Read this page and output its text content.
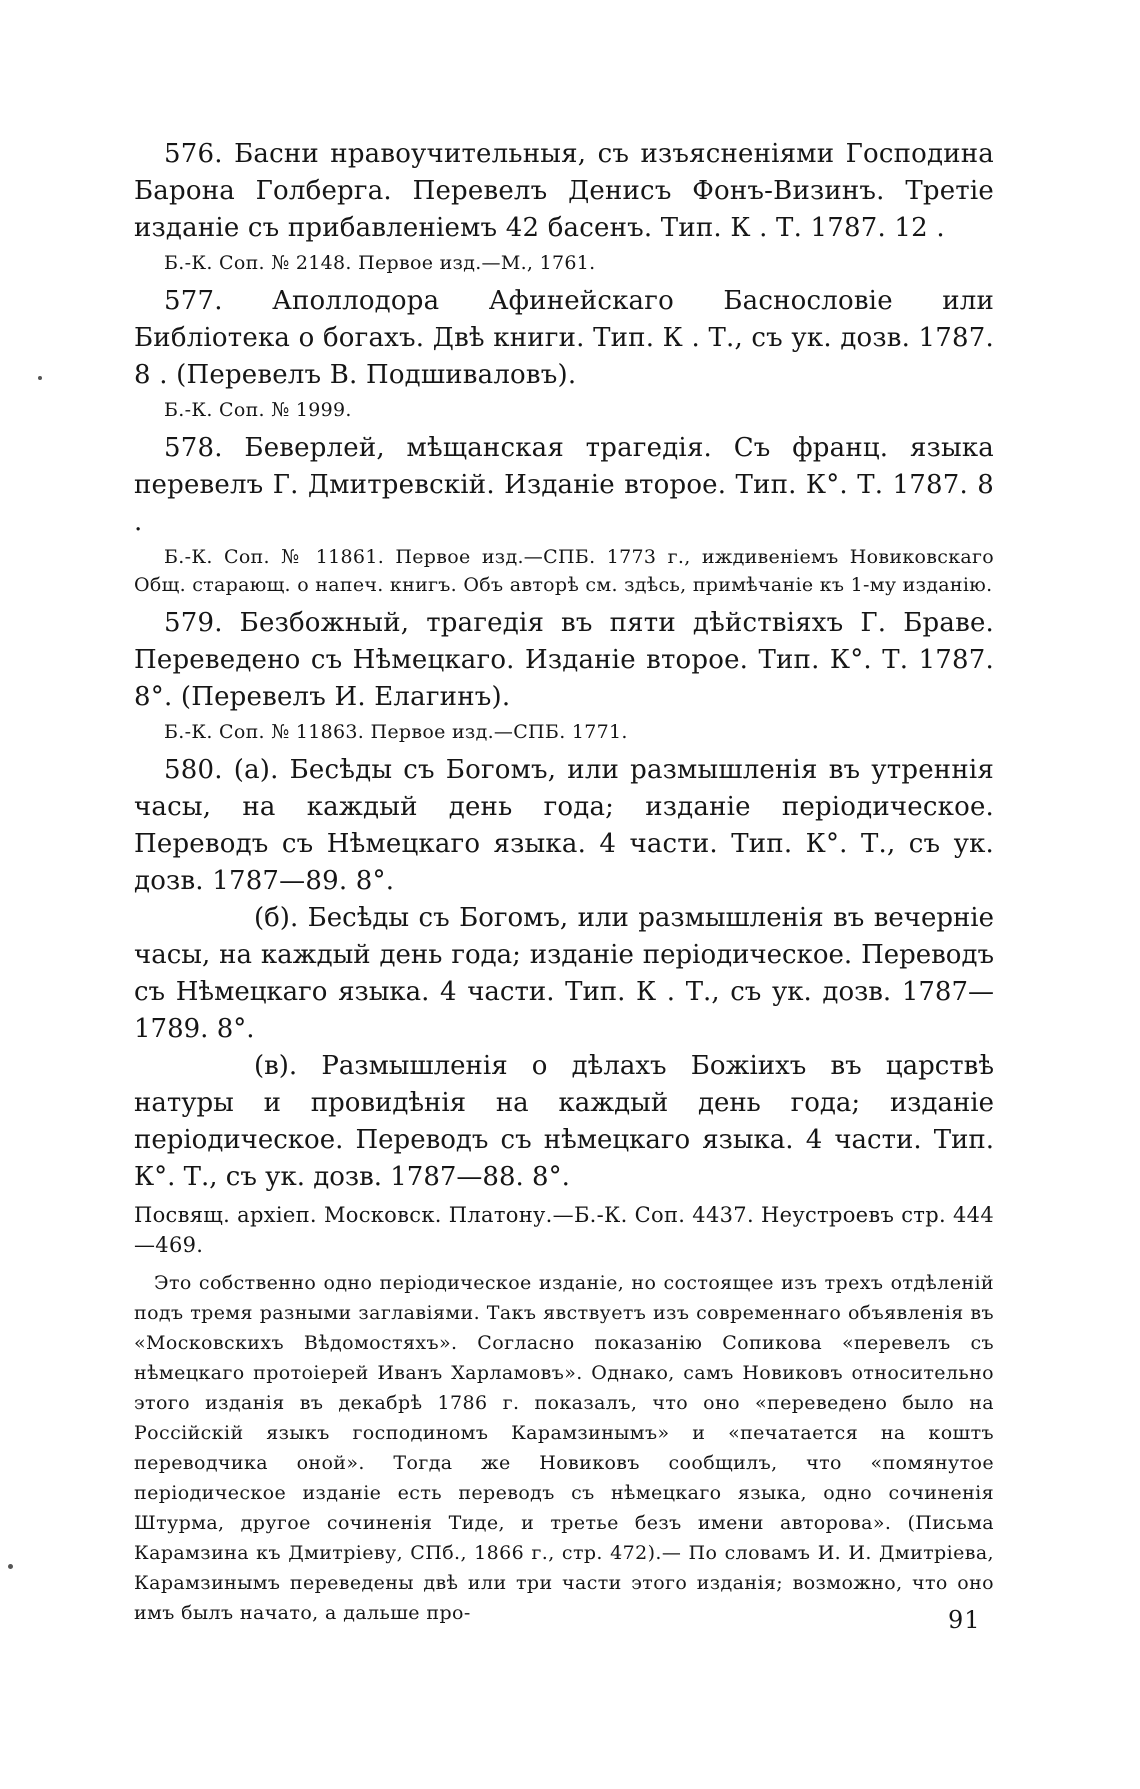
576. Басни нравоучительныя, съ изъясненіями Господина Барона Голберга. Перевелъ Денисъ Фонъ-Визинъ. Третіе изданіе съ прибавленіемъ 42 басенъ. Тип. К . Т. 1787. 12 .

Б.-К. Соп. № 2148. Первое изд.—М., 1761.

577. Аполлодора Афинейскаго Баснословіе или Библіотека о богахъ. Двѣ книги. Тип. К . Т., съ ук. дозв. 1787. 8 . (Перевелъ В. Подшиваловъ).

Б.-К. Соп. № 1999.

578. Беверлей, мѣщанская трагедія. Съ франц. языка перевелъ Г. Дмитревскій. Изданіе второе. Тип. К°. Т. 1787. 8 .

Б.-К. Соп. № 11861. Первое изд.—СПБ. 1773 г., иждивеніемъ Новиковскаго Общ. старающ. о напеч. книгъ. Объ авторѣ см. здѣсь, примѣчаніе къ 1-му изданію.

579. Безбожный, трагедія въ пяти дѣйствіяхъ Г. Браве. Переведено съ Нѣмецкаго. Изданіе второе. Тип. К°. Т. 1787. 8°. (Перевелъ И. Елагинъ).

Б.-К. Соп. № 11863. Первое изд.—СПБ. 1771.

580. (а). Бесѣды съ Богомъ, или размышленія въ утреннія часы, на каждый день года; изданіе періодическое. Переводъ съ Нѣмецкаго языка. 4 части. Тип. К°. Т., съ ук. дозв. 1787—89. 8°.

(б). Бесѣды съ Богомъ, или размышленія въ вечерніе часы, на каждый день года; изданіе періодическое. Переводъ съ Нѣмецкаго языка. 4 части. Тип. К . Т., съ ук. дозв. 1787—1789. 8°.

(в). Размышленія о дѣлахъ Божіихъ въ царствѣ натуры и провидѣнія на каждый день года; изданіе періодическое. Переводъ съ нѣмецкаго языка. 4 части. Тип. К°. Т., съ ук. дозв. 1787—88. 8°.

Посвящ. архіеп. Московск. Платону.—Б.-К. Соп. 4437. Неустроевъ стр. 444—469.

Это собственно одно періодическое изданіе, но состоящее изъ трехъ отдѣленій подъ тремя разными заглавіями. Такъ явствуетъ изъ современнаго объявленія въ «Московскихъ Вѣдомостяхъ». Согласно показанію Сопикова «перевелъ съ нѣмецкаго протоіерей Иванъ Харламовъ». Однако, самъ Новиковъ относительно этого изданія въ декабрѣ 1786 г. показалъ, что оно «переведено было на Россійскій языкъ господиномъ Карамзинымъ» и «печатается на коштъ переводчика оной». Тогда же Новиковъ сообщилъ, что «помянутое періодическое изданіе есть переводъ съ нѣмецкаго языка, одно сочиненія Штурма, другое сочиненія Тиде, и третье безъ имени авторова». (Письма Карамзина къ Дмитріеву, СПб., 1866 г., стр. 472).— По словамъ И. И. Дмитріева, Карамзинымъ переведены двѣ или три части этого изданія; возможно, что оно имъ былъ начато, а дальше про-	91
